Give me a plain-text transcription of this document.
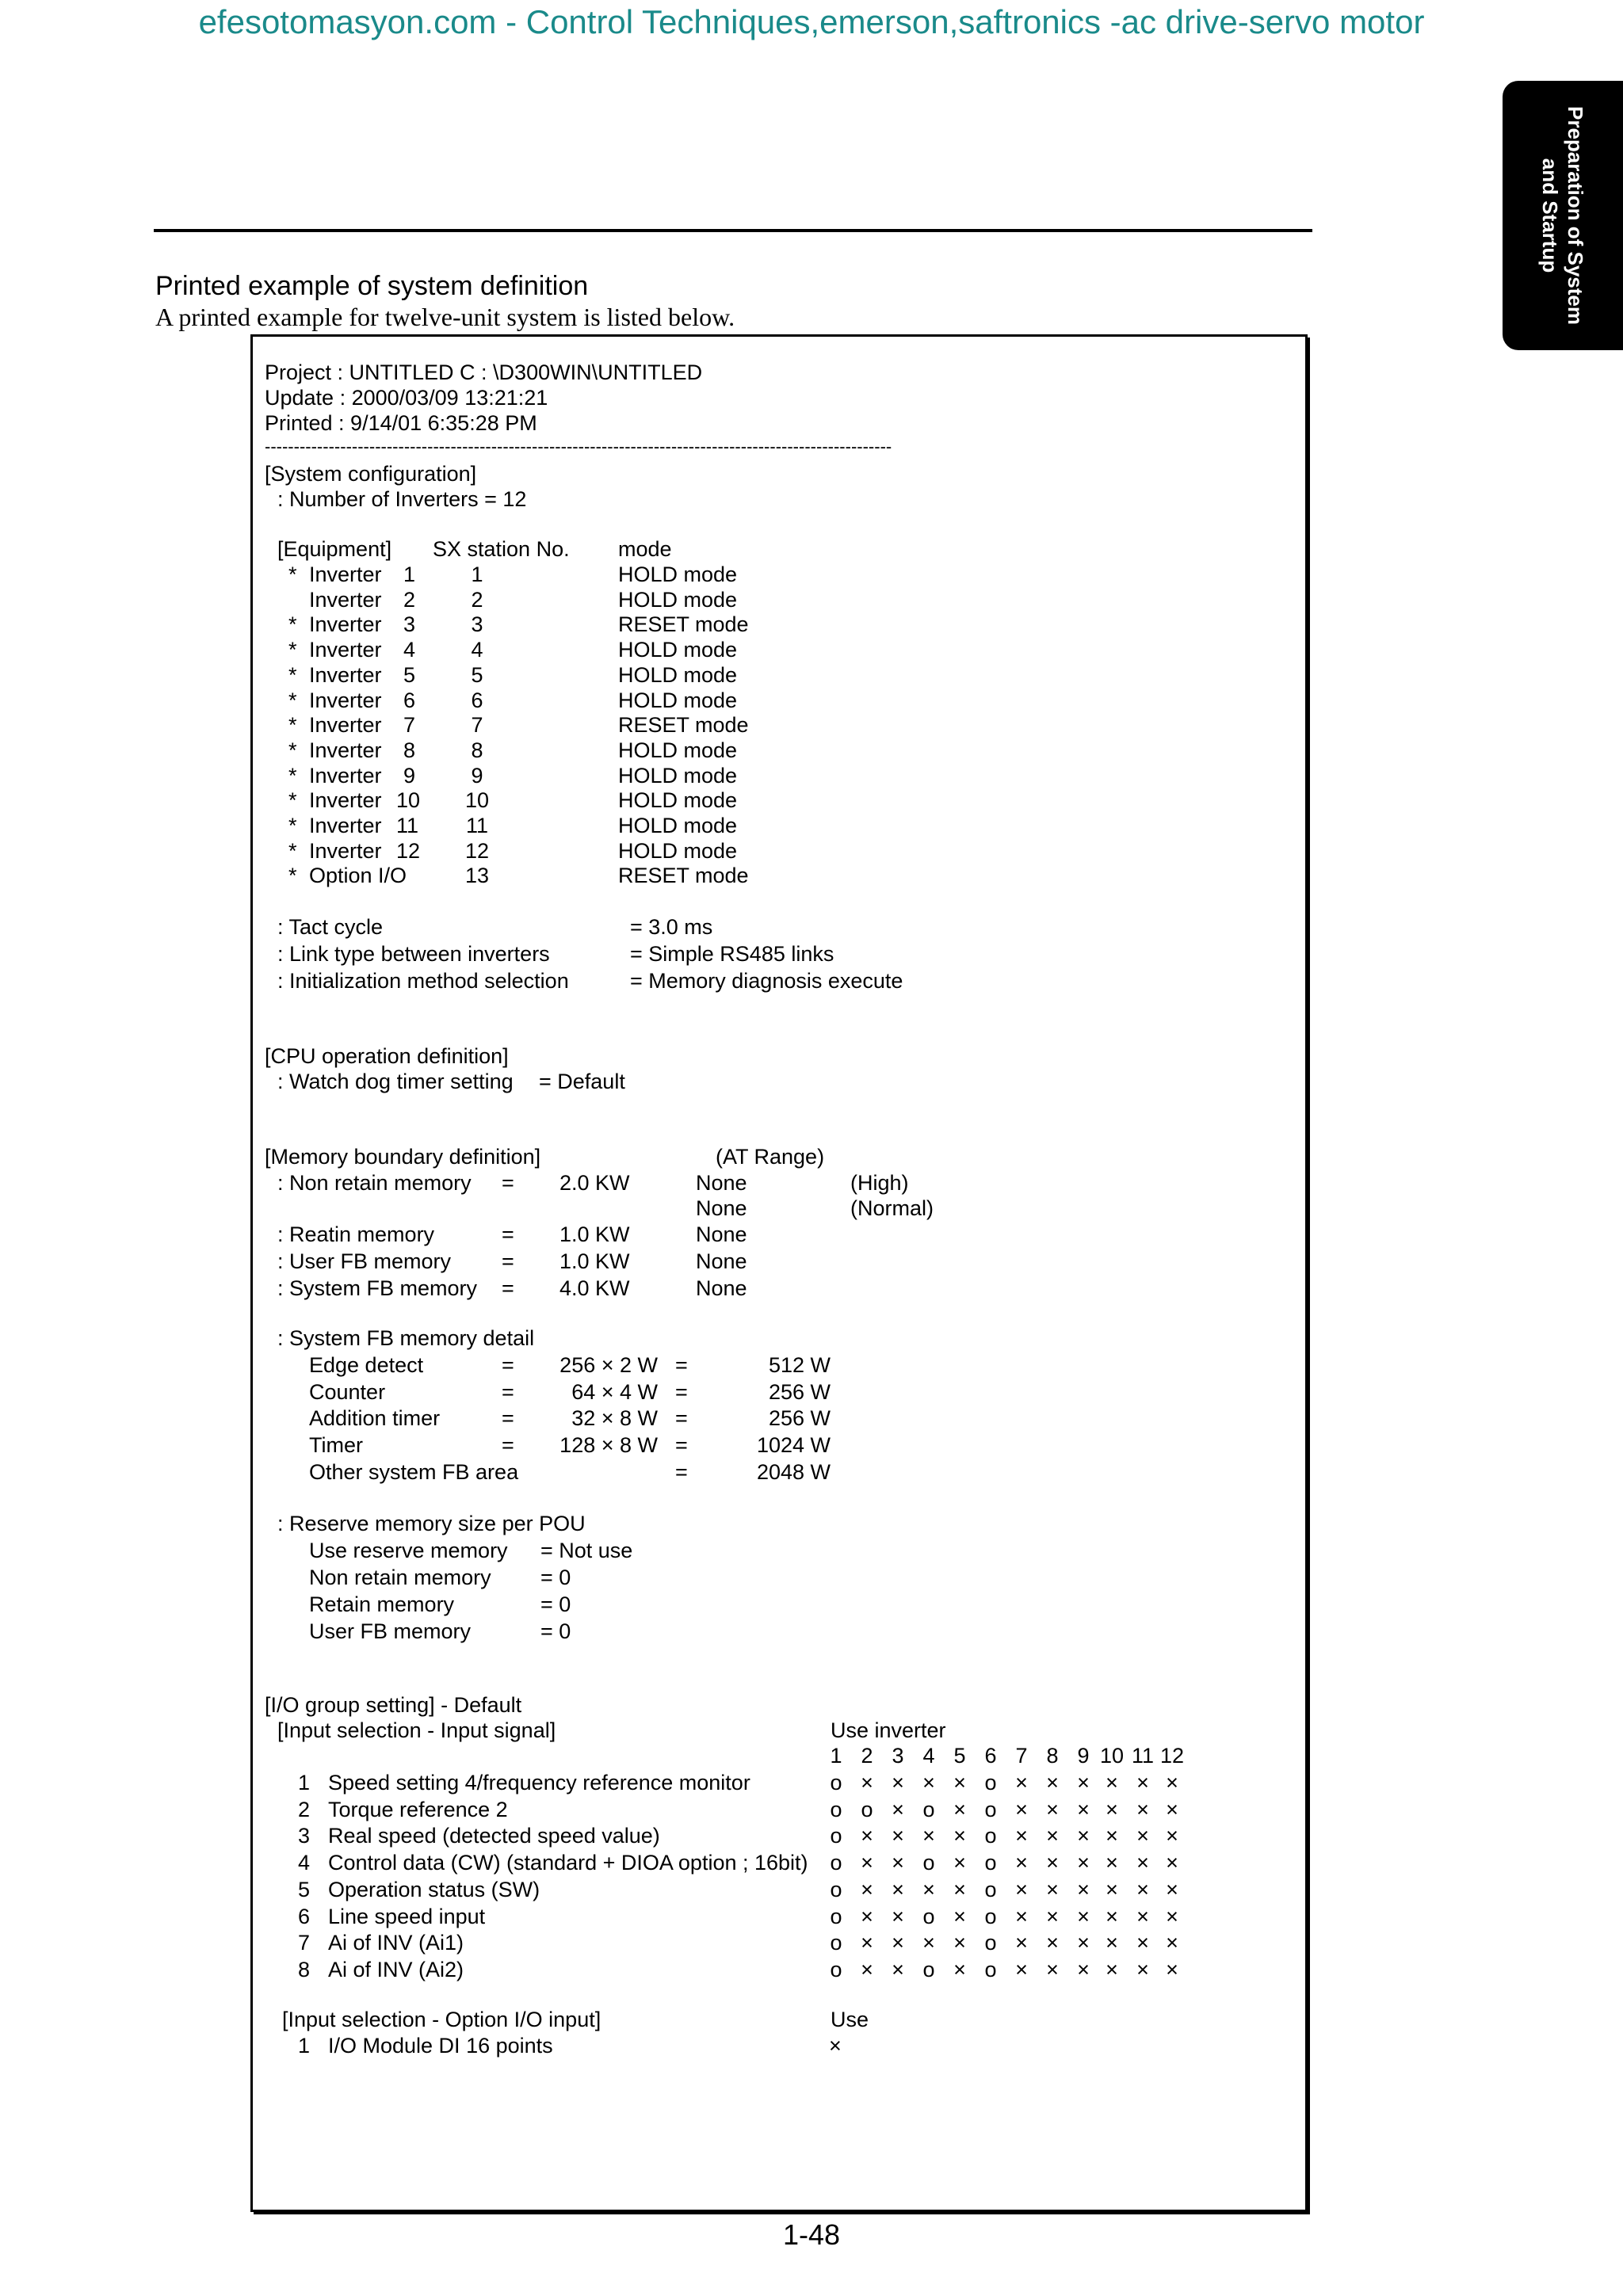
efesotomasyon.com - Control Techniques,emerson,saftronics -ac drive-servo motor
Preparation of System
and Startup
Printed example of system definition
A printed example for twelve-unit system is listed below.
Project : UNTITLED C : \D300WIN\UNTITLED
Update : 2000/03/09 13:21:21
Printed : 9/14/01 6:35:28 PM
------------------------------------------------------------------------------------------------------------
[System configuration]
: Number of Inverters = 12
[Equipment] SX station No. mode
* Inverter	1	1	HOLD mode
Inverter	2	2	HOLD mode
* Inverter	3	3	RESET mode
* Inverter	4	4	HOLD mode
* Inverter	5	5	HOLD mode
* Inverter	6	6	HOLD mode
* Inverter	7	7	RESET mode
* Inverter	8	8	HOLD mode
* Inverter	9	9	HOLD mode
* Inverter 10 10	HOLD mode
* Inverter 11 11	HOLD mode
* Inverter 12 12	HOLD mode
* Option I/O	13	RESET mode
: Tact cycle	= 3.0 ms
: Link type between inverters	= Simple RS485 links
: Initialization method selection	= Memory diagnosis execute
[CPU operation definition]
: Watch dog timer setting = Default
[Memory boundary definition]	(AT Range)
: Non retain memory = 2.0 KW	None	(High)
None	(Normal)
: Reatin memory	= 1.0 KW	None
: User FB memory = 1.0 KW	None
: System FB memory = 4.0 KW	None
: System FB memory detail
Edge detect	=	256 × 2 W =	512 W
Counter	=	64 × 4 W =	256 W
Addition timer	=	32 × 8 W =	256 W
Timer	=	128 × 8 W =	1024 W
Other system FB area	=	2048 W
: Reserve memory size per POU
Use reserve memory = Not use
Non retain memory = 0
Retain memory	= 0
User FB memory	= 0
[I/O group setting] - Default
[Input selection - Input signal]	Use inverter
1 2 3 4 5 6 7 8 9 10 11 12
1 Speed setting 4/frequency reference monitor	o × × × × o × × × × × ×
2 Torque reference 2	o o × o × o × × × × × ×
3 Real speed (detected speed value)	o × × × × o × × × × × ×
4 Control data (CW) (standard + DIOA option ; 16bit) o × × o × o × × × × × ×
5 Operation status (SW)	o × × × × o × × × × × ×
6 Line speed input	o × × o × o × × × × × ×
7 Ai of INV (Ai1)	o × × × × o × × × × × ×
8 Ai of INV (Ai2)	o × × o × o × × × × × ×
[Input selection - Option I/O input]	Use
1 I/O Module DI 16 points	×
1-48
